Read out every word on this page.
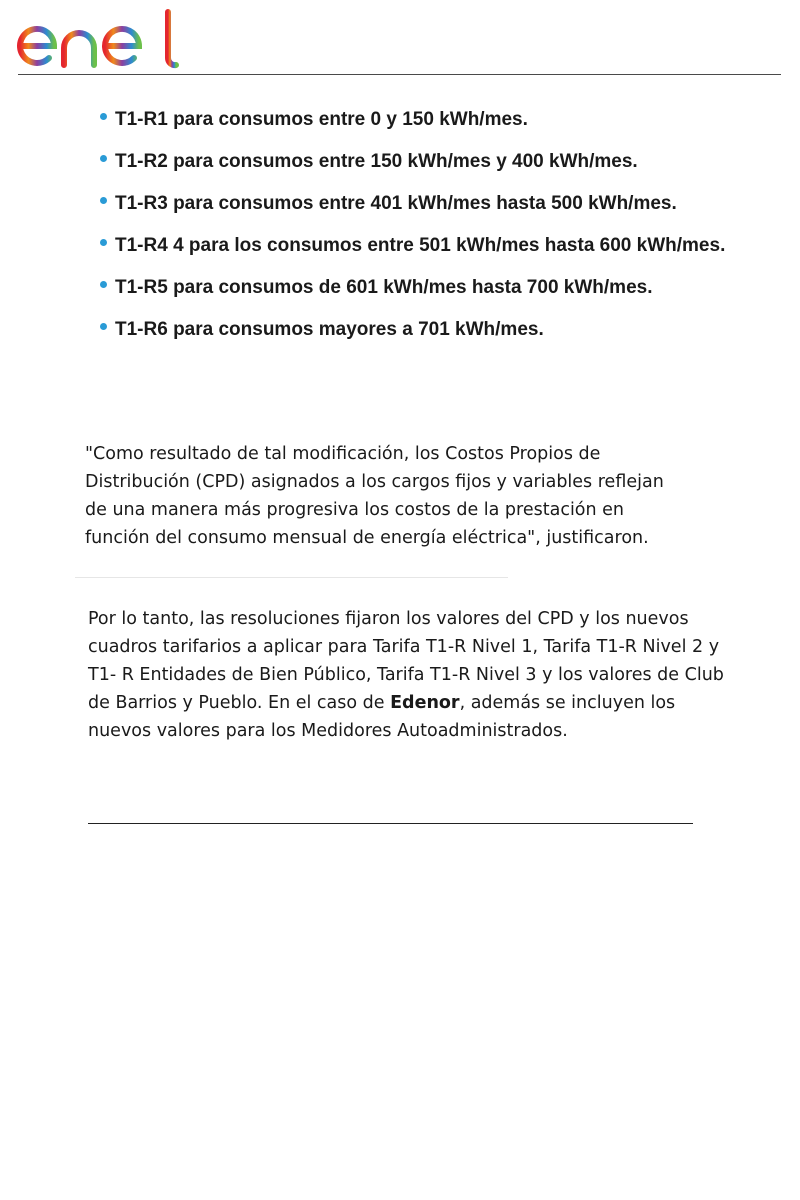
T1-R1 para consumos entre 0 y 150 kWh/mes.
T1-R2 para consumos entre 150 kWh/mes y 400 kWh/mes.
T1-R3 para consumos entre 401 kWh/mes hasta 500 kWh/mes.
T1-R4 4 para los consumos entre 501 kWh/mes hasta 600 kWh/mes.
T1-R5 para consumos de 601 kWh/mes hasta 700 kWh/mes.
T1-R6 para consumos mayores a 701 kWh/mes.

"Como resultado de tal modificación, los Costos Propios de Distribución (CPD) asignados a los cargos fijos y variables reflejan de una manera más progresiva los costos de la prestación en función del consumo mensual de energía eléctrica", justificaron.

Por lo tanto, las resoluciones fijaron los valores del CPD y los nuevos cuadros tarifarios a aplicar para Tarifa T1-R Nivel 1, Tarifa T1-R Nivel 2 y T1- R Entidades de Bien Público, Tarifa T1-R Nivel 3 y los valores de Club de Barrios y Pueblo. En el caso de Edenor, además se incluyen los nuevos valores para los Medidores Autoadministrados.
